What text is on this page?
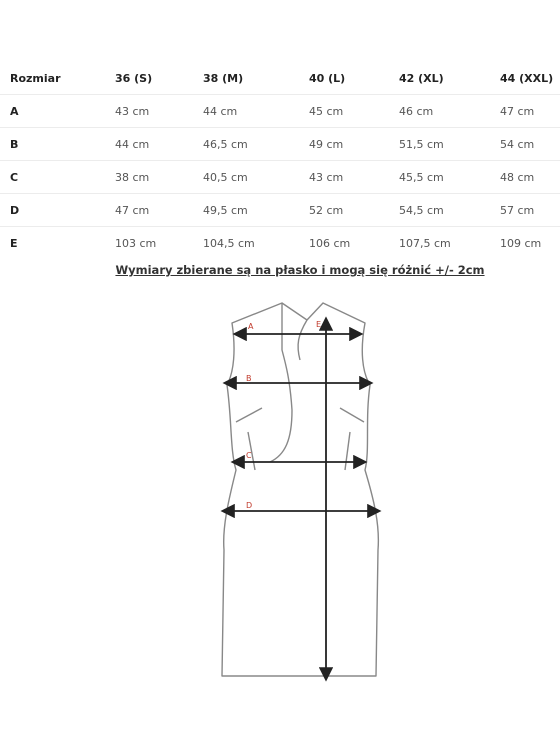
Rozmiar	36 (S)	38 (M)	40 (L)	42 (XL)	44 (XXL)
A	43 cm	44 cm	45 cm	46 cm	47 cm
B	44 cm	46,5 cm	49 cm	51,5 cm	54 cm
C	38 cm	40,5 cm	43 cm	45,5 cm	48 cm
D	47 cm	49,5 cm	52 cm	54,5 cm	57 cm
E	103 cm	104,5 cm	106 cm	107,5 cm	109 cm
Wymiary zbierane są na płasko i mogą się różnić +/- 2cm
A
B
C
D
E
